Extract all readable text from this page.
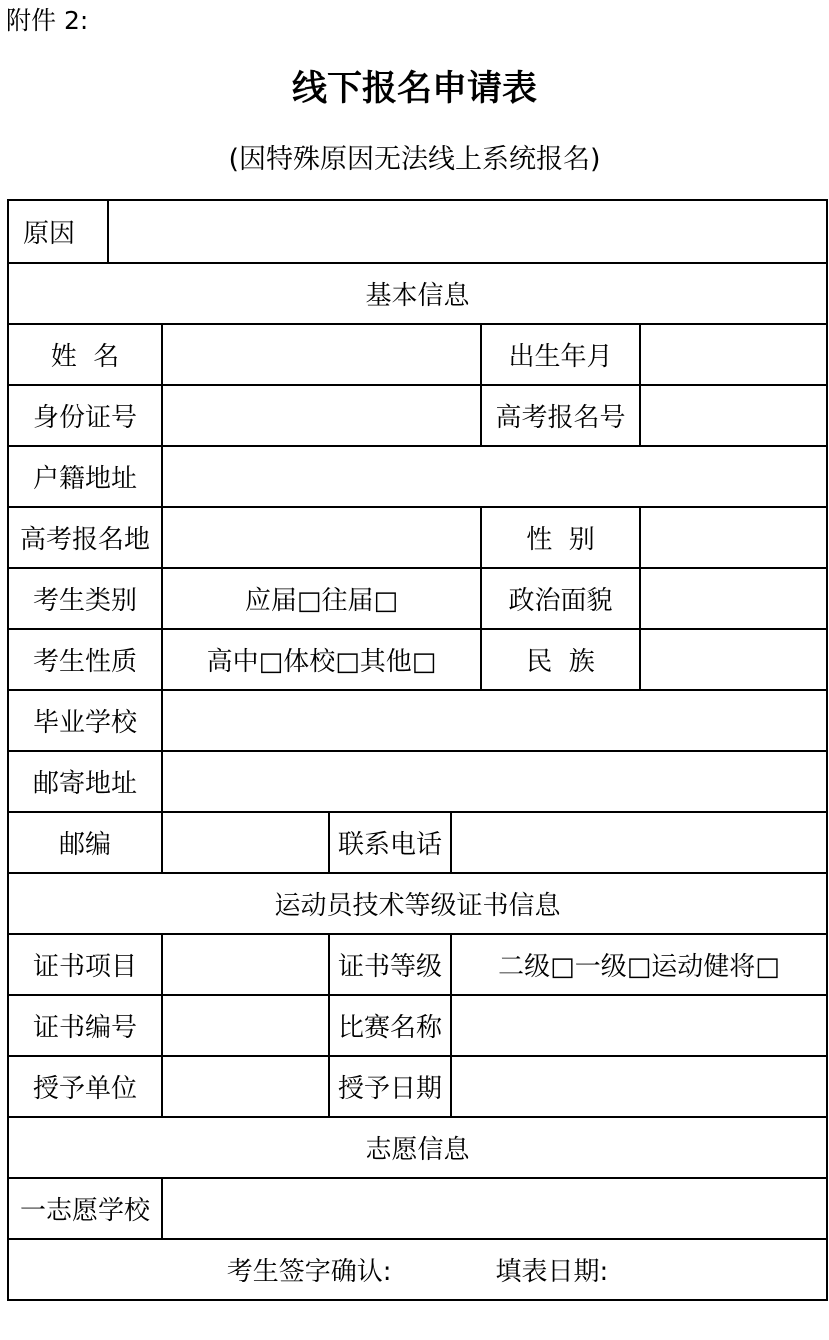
附件 2:
线下报名申请表
(因特殊原因无法线上系统报名)
原因						
基本信息						
姓  名					出生年月	
身份证号					高考报名号	
户籍地址						
高考报名地					性  别	
考生类别		应届□往届□			政治面貌	
考生性质		高中□体校□其他□			民  族	
毕业学校						
邮寄地址						
邮编			联系电话			
运动员技术等级证书信息						
证书项目			证书等级	二级□一级□运动健将□		
证书编号			比赛名称			
授予单位			授予日期			
志愿信息						
一志愿学校						
考生签字确认: 填表日期:						
